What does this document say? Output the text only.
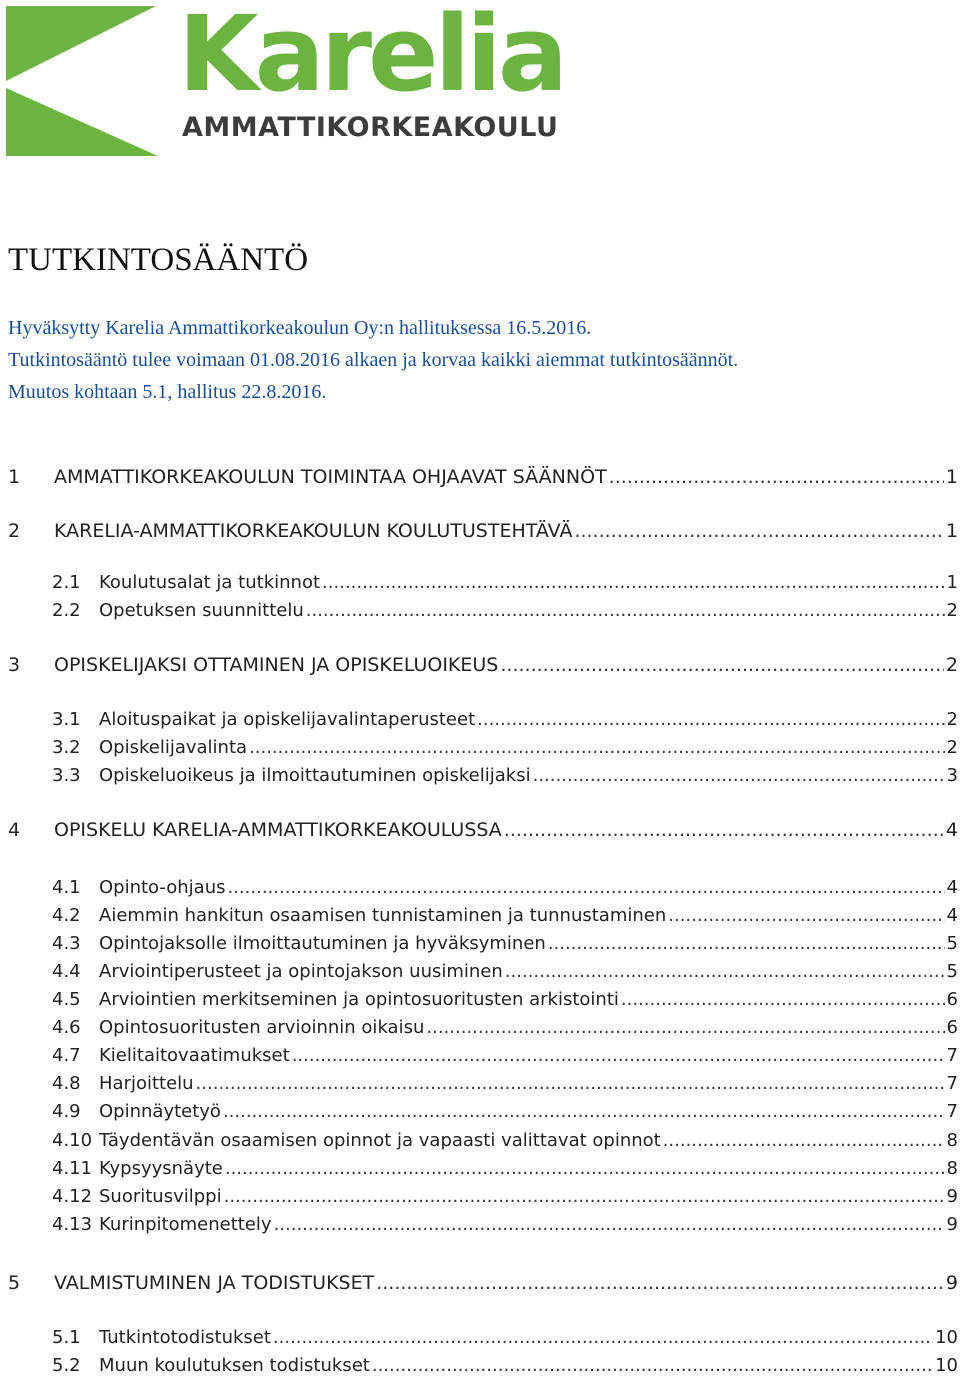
Karelia
AMMATTIKORKEAKOULU
TUTKINTOSÄÄNTÖ
Hyväksytty Karelia Ammattikorkeakoulun Oy:n hallituksessa 16.5.2016.
Tutkintosääntö tulee voimaan 01.08.2016 alkaen ja korvaa kaikki aiemmat tutkintosäännöt.
Muutos kohtaan 5.1, hallitus 22.8.2016.
1	AMMATTIKORKEAKOULUN TOIMINTAA OHJAAVAT SÄÄNNÖT .....	1
2	KARELIA-AMMATTIKORKEAKOULUN KOULUTUSTEHTÄVÄ .....	1
2.1	Koulutusalat ja tutkinnot .....	1
2.2	Opetuksen suunnittelu .....	2
3	OPISKELIJAKSI OTTAMINEN JA OPISKELUOIKEUS .....	2
3.1	Aloituspaikat ja opiskelijavalintaperusteet .....	2
3.2	Opiskelijavalinta .....	2
3.3	Opiskeluoikeus ja ilmoittautuminen opiskelijaksi .....	3
4	OPISKELU KARELIA-AMMATTIKORKEAKOULUSSA .....	4
4.1	Opinto-ohjaus .....	4
4.2	Aiemmin hankitun osaamisen tunnistaminen ja tunnustaminen .....	4
4.3	Opintojaksolle ilmoittautuminen ja hyväksyminen .....	5
4.4	Arviointiperusteet ja opintojakson uusiminen .....	5
4.5	Arviointien merkitseminen ja opintosuoritusten arkistointi .....	6
4.6	Opintosuoritusten arvioinnin oikaisu .....	6
4.7	Kielitaitovaatimukset .....	7
4.8	Harjoittelu .....	7
4.9	Opinnäytetyö .....	7
4.10 Täydentävän osaamisen opinnot ja vapaasti valittavat opinnot .....	8
4.11 Kypsyysnäyte .....	8
4.12 Suoritusvilppi .....	9
4.13 Kurinpitomenettely .....	9
5	VALMISTUMINEN JA TODISTUKSET .....	9
5.1	Tutkintotodistukset .....	10
5.2	Muun koulutuksen todistukset .....	10
